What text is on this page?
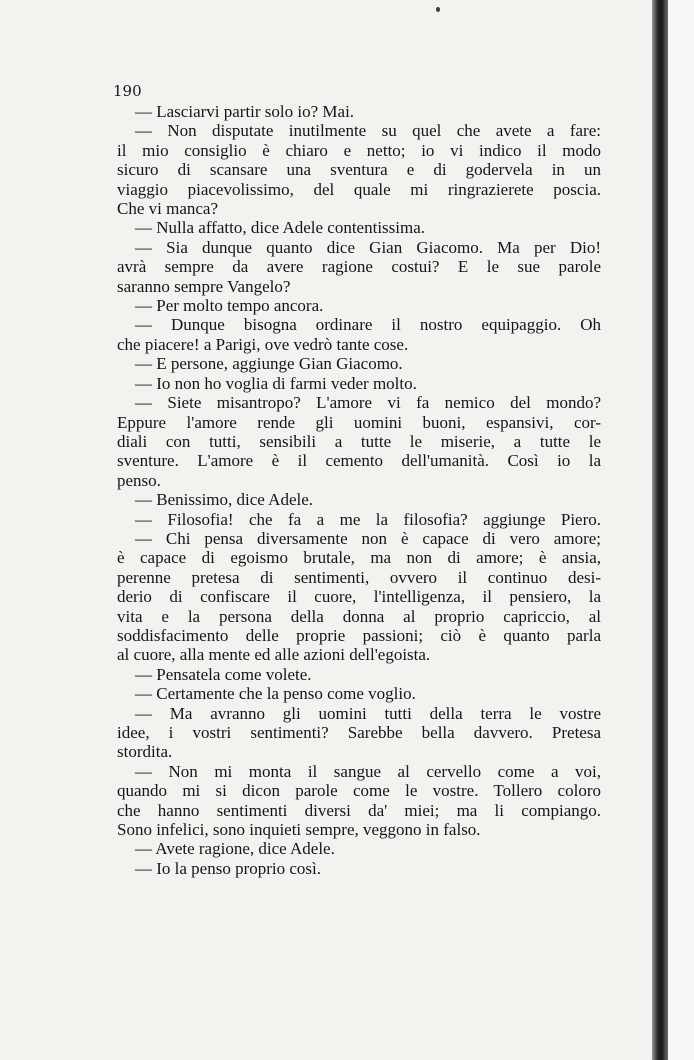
190
— Lasciarvi partir solo io? Mai.
— Non disputate inutilmente su quel che avete a fare:
il mio consiglio è chiaro e netto; io vi indico il modo
sicuro di scansare una sventura e di godervela in un
viaggio piacevolissimo, del quale mi ringrazierete poscia.
Che vi manca?
— Nulla affatto, dice Adele contentissima.
— Sia dunque quanto dice Gian Giacomo. Ma per Dio!
avrà sempre da avere ragione costui? E le sue parole
saranno sempre Vangelo?
— Per molto tempo ancora.
— Dunque bisogna ordinare il nostro equipaggio. Oh
che piacere! a Parigi, ove vedrò tante cose.
— E persone, aggiunge Gian Giacomo.
— Io non ho voglia di farmi veder molto.
— Siete misantropo? L'amore vi fa nemico del mondo?
Eppure l'amore rende gli uomini buoni, espansivi, cor-
diali con tutti, sensibili a tutte le miserie, a tutte le
sventure. L'amore è il cemento dell'umanità. Così io la
penso.
— Benissimo, dice Adele.
— Filosofia! che fa a me la filosofia? aggiunge Piero.
— Chi pensa diversamente non è capace di vero amore;
è capace di egoismo brutale, ma non di amore; è ansia,
perenne pretesa di sentimenti, ovvero il continuo desi-
derio di confiscare il cuore, l'intelligenza, il pensiero, la
vita e la persona della donna al proprio capriccio, al
soddisfacimento delle proprie passioni; ciò è quanto parla
al cuore, alla mente ed alle azioni dell'egoista.
— Pensatela come volete.
— Certamente che la penso come voglio.
— Ma avranno gli uomini tutti della terra le vostre
idee, i vostri sentimenti? Sarebbe bella davvero. Pretesa
stordita.
— Non mi monta il sangue al cervello come a voi,
quando mi si dicon parole come le vostre. Tollero coloro
che hanno sentimenti diversi da' miei; ma li compiango.
Sono infelici, sono inquieti sempre, veggono in falso.
— Avete ragione, dice Adele.
— Io la penso proprio così.
